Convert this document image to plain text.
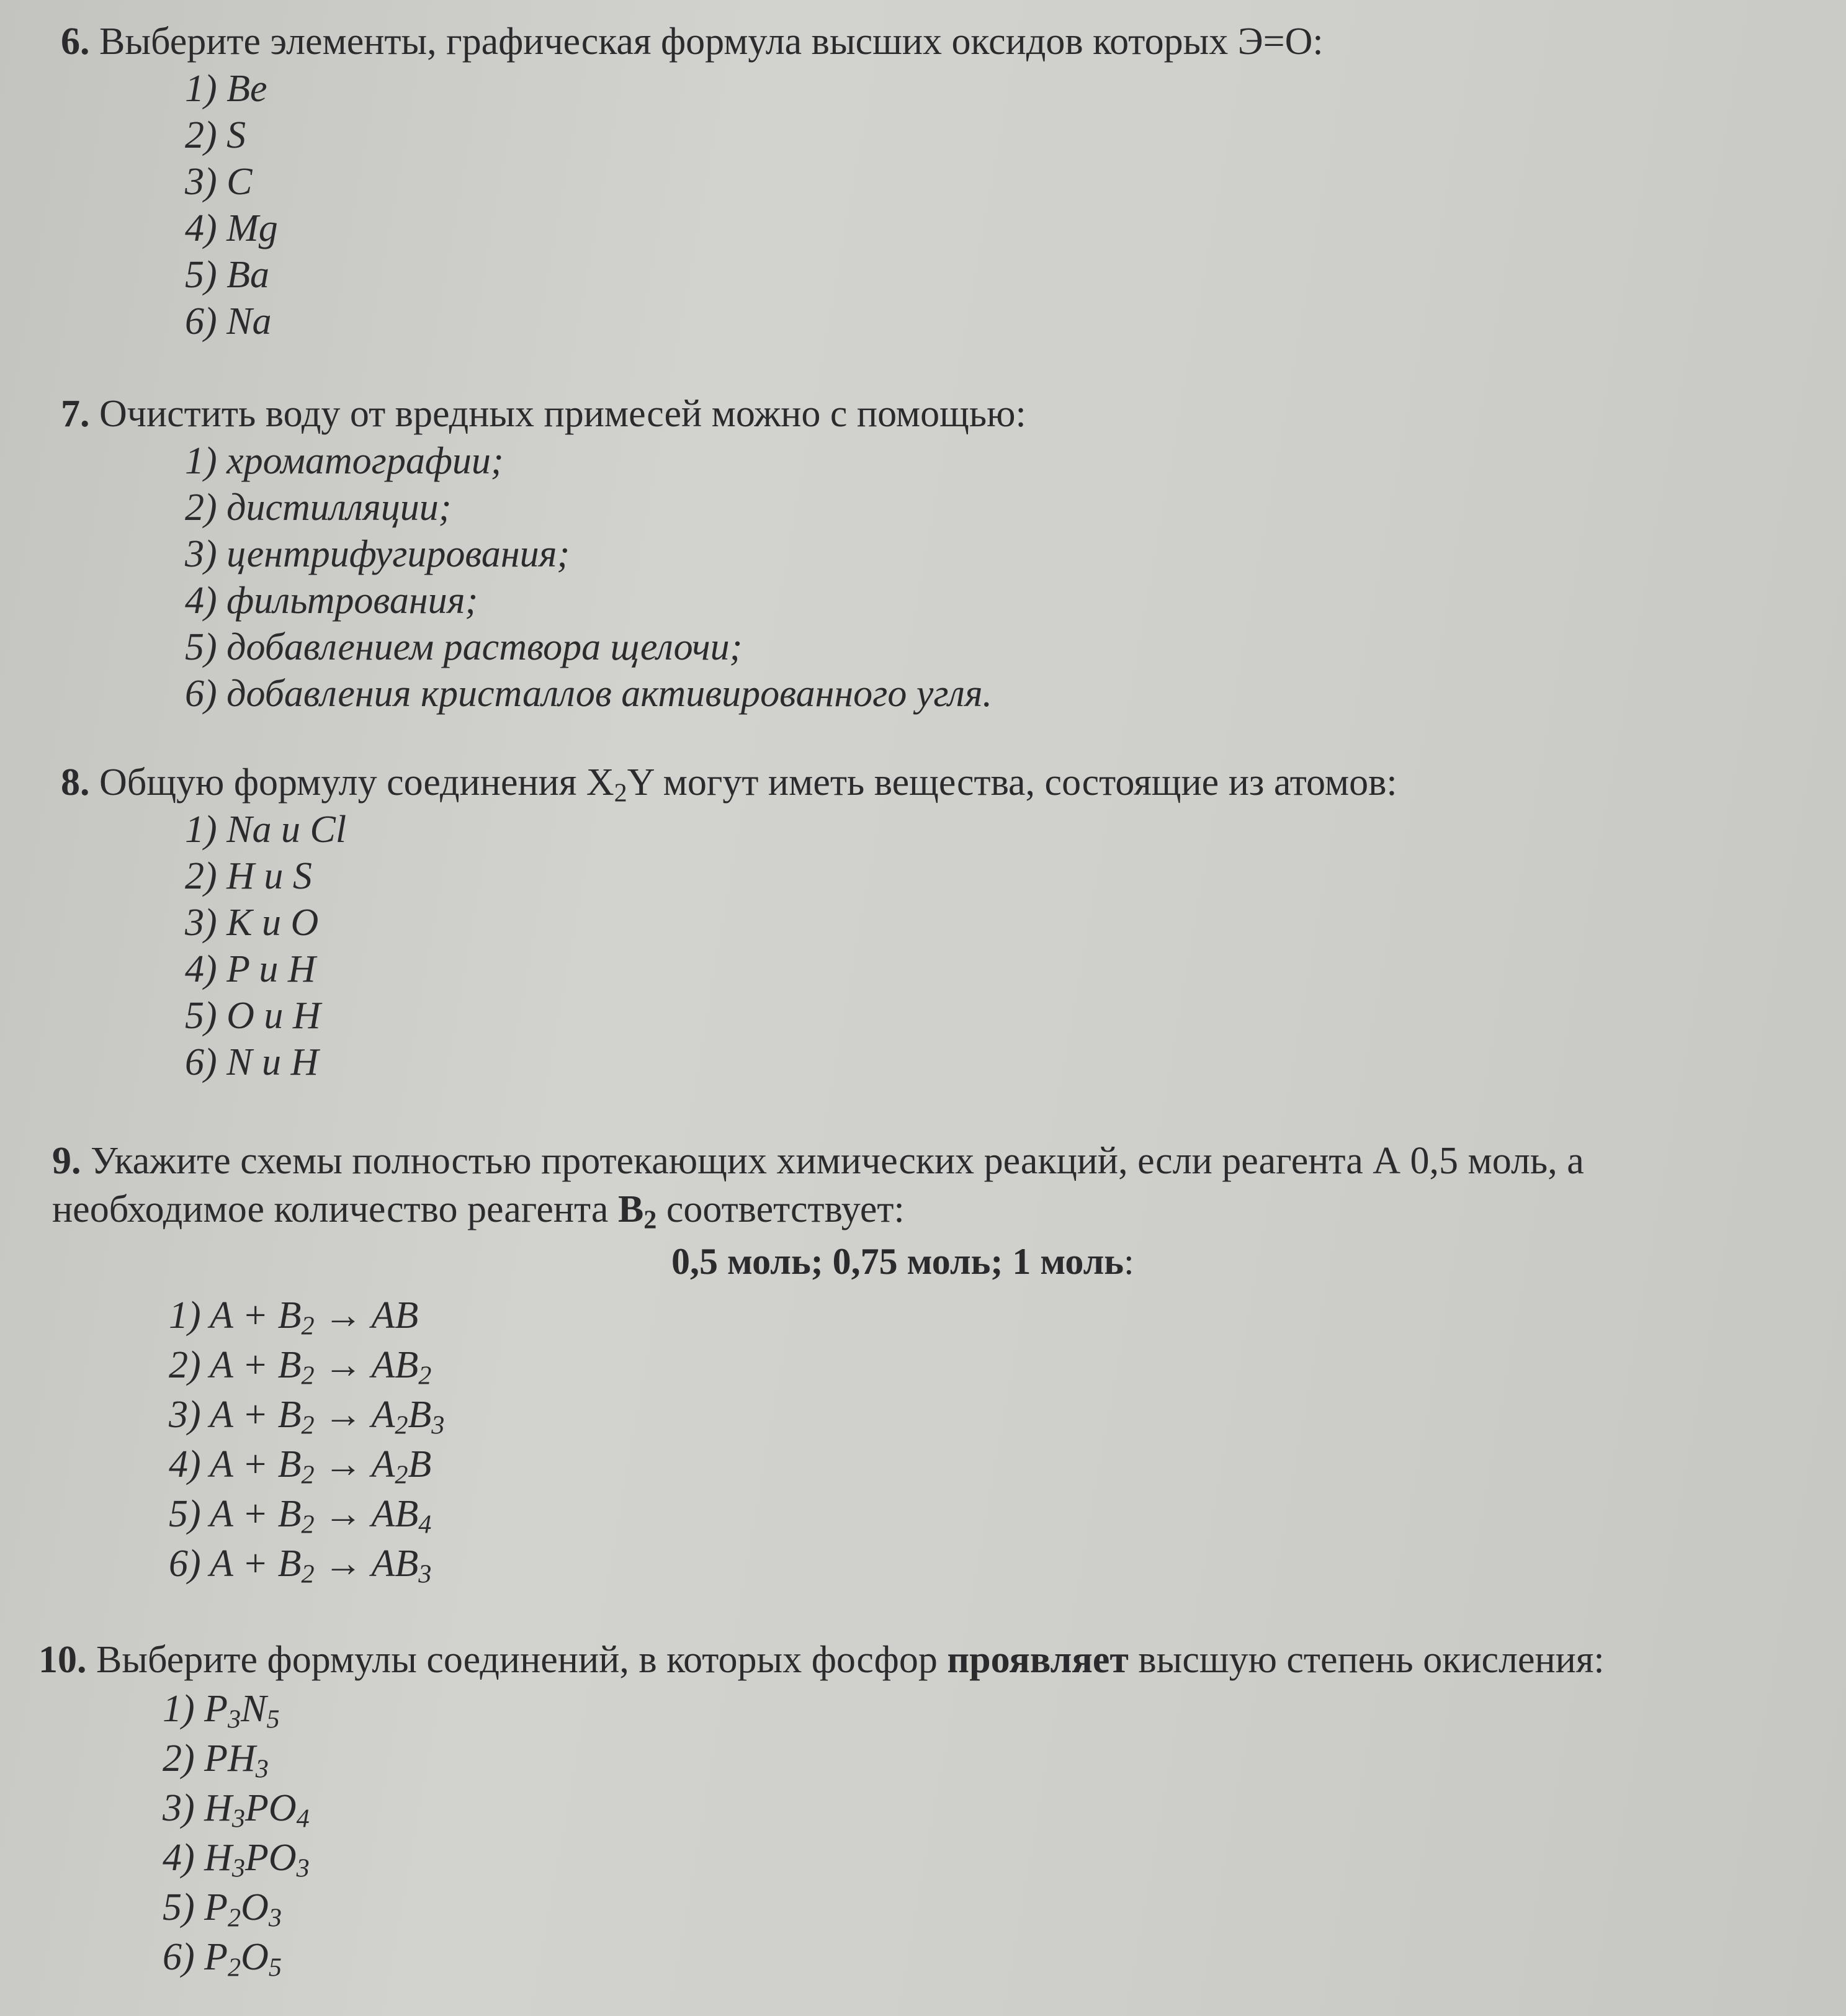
6. Выберите элементы, графическая формула высших оксидов которых Э=О:
1) Be
2) S
3) C
4) Mg
5) Ba
6) Na
7. Очистить воду от вредных примесей можно с помощью:
1) хроматографии;
2) дистилляции;
3) центрифугирования;
4) фильтрования;
5) добавлением раствора щелочи;
6) добавления кристаллов активированного угля.
8. Общую формулу соединения $X_2Y$ могут иметь вещества, состоящие из атомов:
1) Na и Cl
2) H и S
3) K и O
4) P и H
5) O и H
6) N и H
9. Укажите схемы полностью протекающих химических реакций, если реагента А 0,5 моль, а
необходимое количество реагента $B_2$ соответствует:
0,5 моль; 0,75 моль; 1 моль:
1) $A + B_2$ → AB
2) $A + B_2 \to AB_2$
3) $A + B_2 \to A_2B_3$
4) $A + B_2 \to A_2B$
5) $A + B_2 \to AB_4$
6) $A + B_2 \to AB_3$
10. Выберите формулы соединений, в которых фосфор проявляет высшую степень окисления:
1) $P_3N_5$
2) $PH_3$
3) $H_3PO_4$
4) $H_3PO_3$
5) $P_2O_3$
6) $P_2O_5$
